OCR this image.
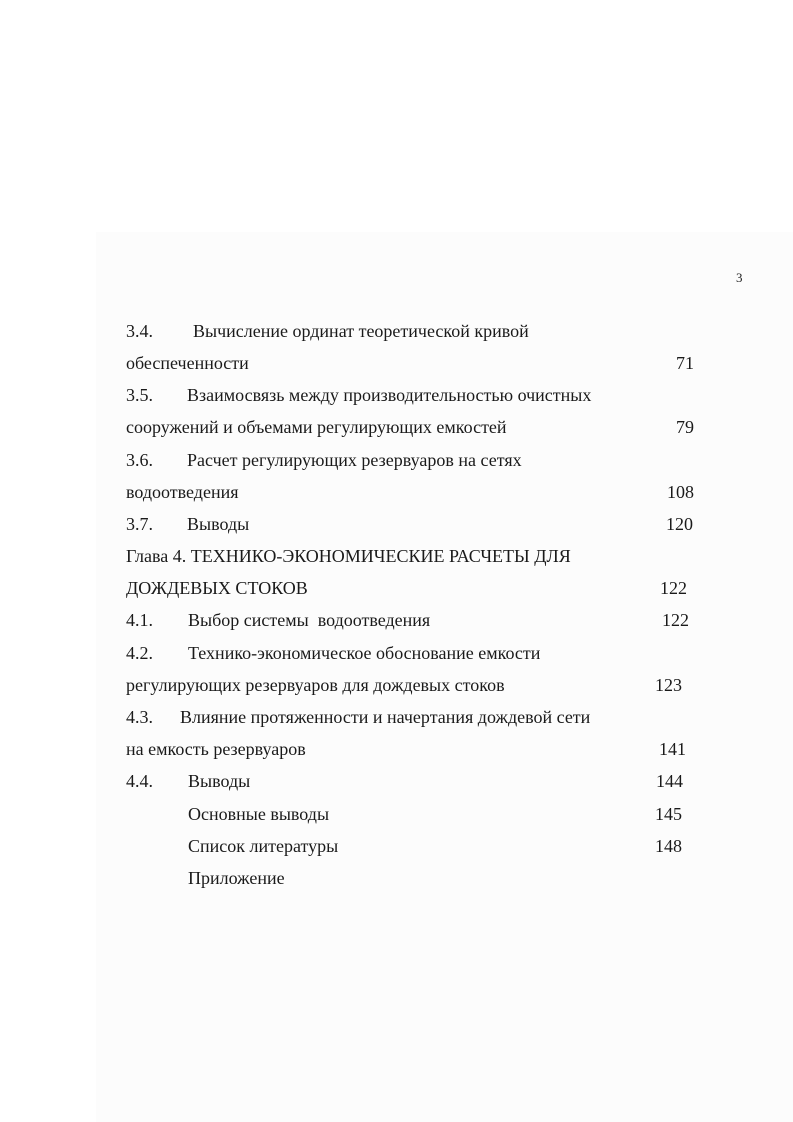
3
3.4. Вычисление ординат теоретической кривой
обеспеченности	71
3.5. Взаимосвязь между производительностью очистных
сооружений и объемами регулирующих емкостей	79
3.6. Расчет регулирующих резервуаров на сетях
водоотведения	108
3.7. Выводы	120
Глава 4. ТЕХНИКО-ЭКОНОМИЧЕСКИЕ РАСЧЕТЫ ДЛЯ
ДОЖДЕВЫХ СТОКОВ	122
4.1. Выбор системы  водоотведения	122
4.2. Технико-экономическое обоснование емкости
регулирующих резервуаров для дождевых стоков	123
4.3. Влияние протяженности и начертания дождевой сети
на емкость резервуаров	141
4.4. Выводы	144
Основные выводы	145
Список литературы	148
Приложение
